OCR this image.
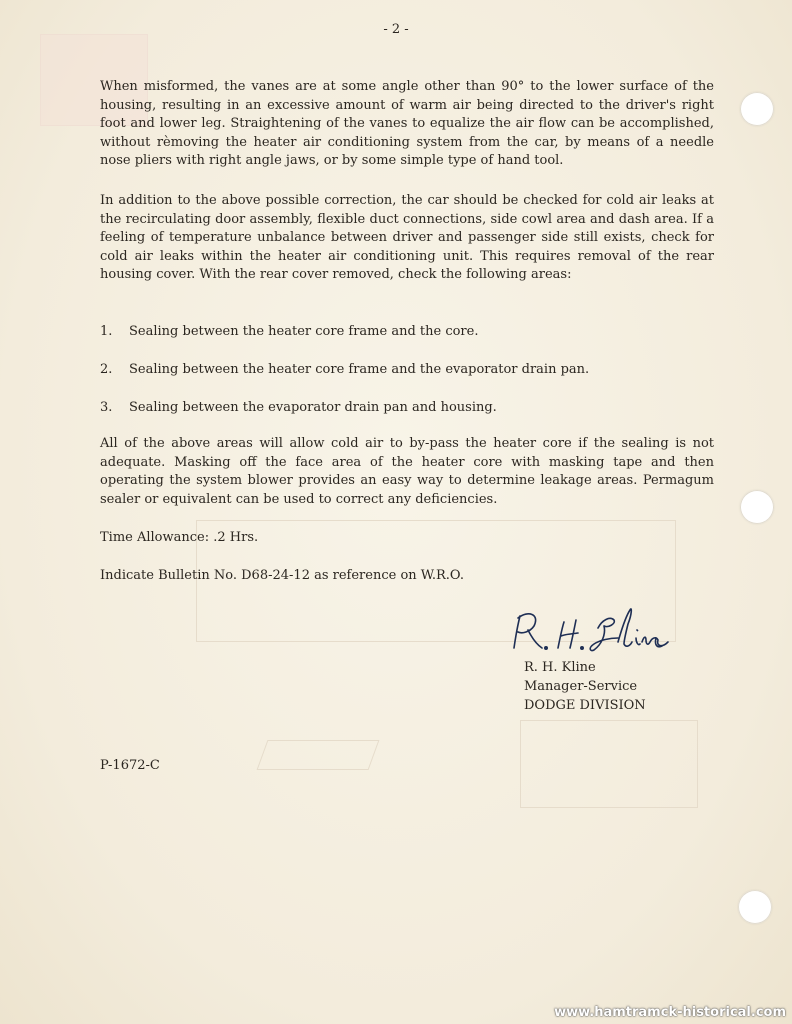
- 2 -
When misformed, the vanes are at some angle other than 90° to the lower surface of the housing, resulting in an excessive amount of warm air being directed to the driver's right foot and lower leg. Straightening of the vanes to equalize the air flow can be accomplished, without rèmoving the heater air conditioning system from the car, by means of a needle nose pliers with right angle jaws, or by some simple type of hand tool.
In addition to the above possible correction, the car should be checked for cold air leaks at the recirculating door assembly, flexible duct connections, side cowl area and dash area. If a feeling of temperature unbalance between driver and passenger side still exists, check for cold air leaks within the heater air conditioning unit. This requires removal of the rear housing cover. With the rear cover removed, check the following areas:
1. Sealing between the heater core frame and the core.
2. Sealing between the heater core frame and the evaporator drain pan.
3. Sealing between the evaporator drain pan and housing.
All of the above areas will allow cold air to by-pass the heater core if the sealing is not adequate. Masking off the face area of the heater core with masking tape and then operating the system blower provides an easy way to determine leakage areas. Permagum sealer or equivalent can be used to correct any deficiencies.
Time Allowance: .2 Hrs.
Indicate Bulletin No. D68-24-12 as reference on W.R.O.
R. H. Kline
Manager-Service
DODGE DIVISION
P-1672-C
www.hamtramck-historical.com
